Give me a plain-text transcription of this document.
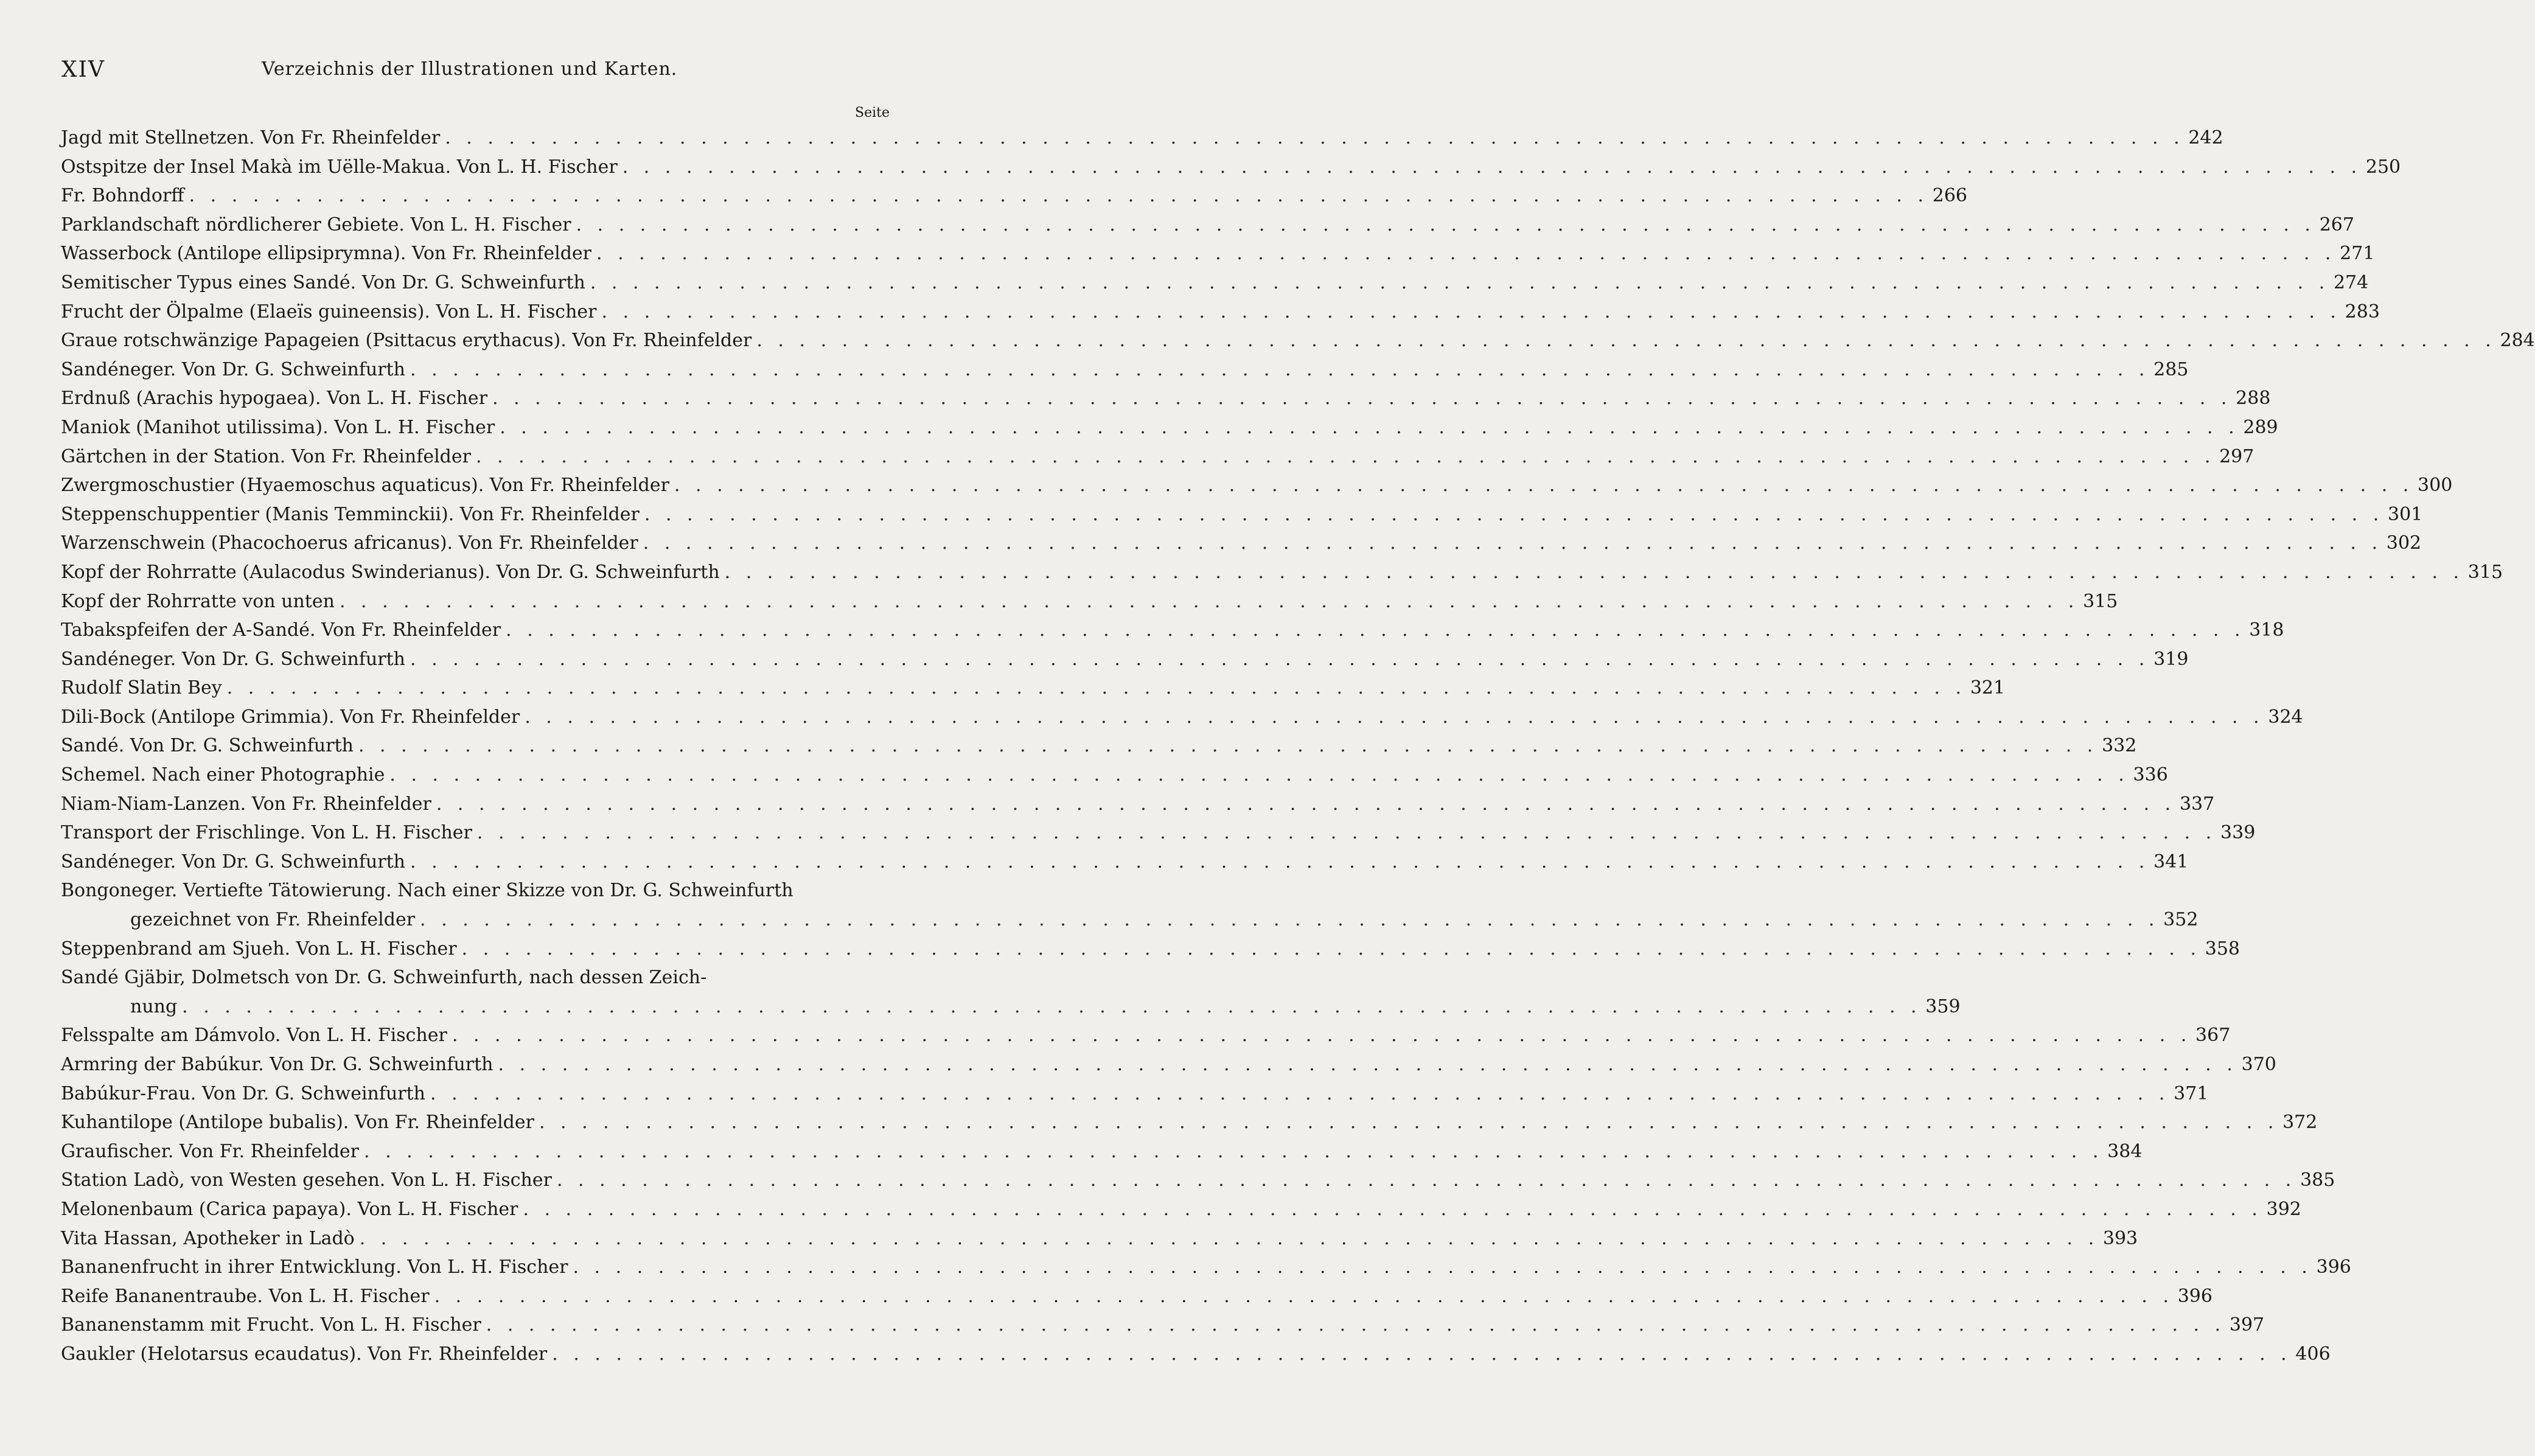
XIV	Verzeichnis der Illustrationen und Karten.
Seite
Jagd mit Stellnetzen. Von Fr. Rheinfelder . . .	242
Ostspitze der Insel Makà im Uëlle-Makua. Von L. H. Fischer . . .	250
Fr. Bohndorff . . .	266
Parklandschaft nördlicherer Gebiete. Von L. H. Fischer . . .	267
Wasserbock (Antilope ellipsiprymna). Von Fr. Rheinfelder . . .	271
Semitischer Typus eines Sandé. Von Dr. G. Schweinfurth . . .	274
Frucht der Ölpalme (Elaeïs guineensis). Von L. H. Fischer . . .	283
Graue rotschwänzige Papageien (Psittacus erythacus). Von Fr. Rheinfelder . . .	284
Sandéneger. Von Dr. G. Schweinfurth . . .	285
Erdnuß (Arachis hypogaea). Von L. H. Fischer . . .	288
Maniok (Manihot utilissima). Von L. H. Fischer . . .	289
Gärtchen in der Station. Von Fr. Rheinfelder . . .	297
Zwergmoschustier (Hyaemoschus aquaticus). Von Fr. Rheinfelder . . .	300
Steppenschuppentier (Manis Temminckii). Von Fr. Rheinfelder . . .	301
Warzenschwein (Phacochoerus africanus). Von Fr. Rheinfelder . . .	302
Kopf der Rohrratte (Aulacodus Swinderianus). Von Dr. G. Schweinfurth . . .	315
Kopf der Rohrratte von unten . . .	315
Tabakspfeifen der A-Sandé. Von Fr. Rheinfelder . . .	318
Sandéneger. Von Dr. G. Schweinfurth . . .	319
Rudolf Slatin Bey . . .	321
Dili-Bock (Antilope Grimmia). Von Fr. Rheinfelder . . .	324
Sandé. Von Dr. G. Schweinfurth . . .	332
Schemel. Nach einer Photographie . . .	336
Niam-Niam-Lanzen. Von Fr. Rheinfelder . . .	337
Transport der Frischlinge. Von L. H. Fischer . . .	339
Sandéneger. Von Dr. G. Schweinfurth . . .	341
Bongoneger. Vertiefte Tätowierung. Nach einer Skizze von Dr. G. Schweinfurth
gezeichnet von Fr. Rheinfelder . . .	352
Steppenbrand am Sjueh. Von L. H. Fischer . . .	358
Sandé Gjäbir, Dolmetsch von Dr. G. Schweinfurth, nach dessen Zeich-
nung . . .	359
Felsspalte am Dámvolo. Von L. H. Fischer . . .	367
Armring der Babúkur. Von Dr. G. Schweinfurth . . .	370
Babúkur-Frau. Von Dr. G. Schweinfurth . . .	371
Kuhantilope (Antilope bubalis). Von Fr. Rheinfelder . . .	372
Graufischer. Von Fr. Rheinfelder . . .	384
Station Ladò, von Westen gesehen. Von L. H. Fischer . . .	385
Melonenbaum (Carica papaya). Von L. H. Fischer . . .	392
Vita Hassan, Apotheker in Ladò . . .	393
Bananenfrucht in ihrer Entwicklung. Von L. H. Fischer . . .	396
Reife Bananentraube. Von L. H. Fischer . . .	396
Bananenstamm mit Frucht. Von L. H. Fischer . . .	397
Gaukler (Helotarsus ecaudatus). Von Fr. Rheinfelder . . .	406
